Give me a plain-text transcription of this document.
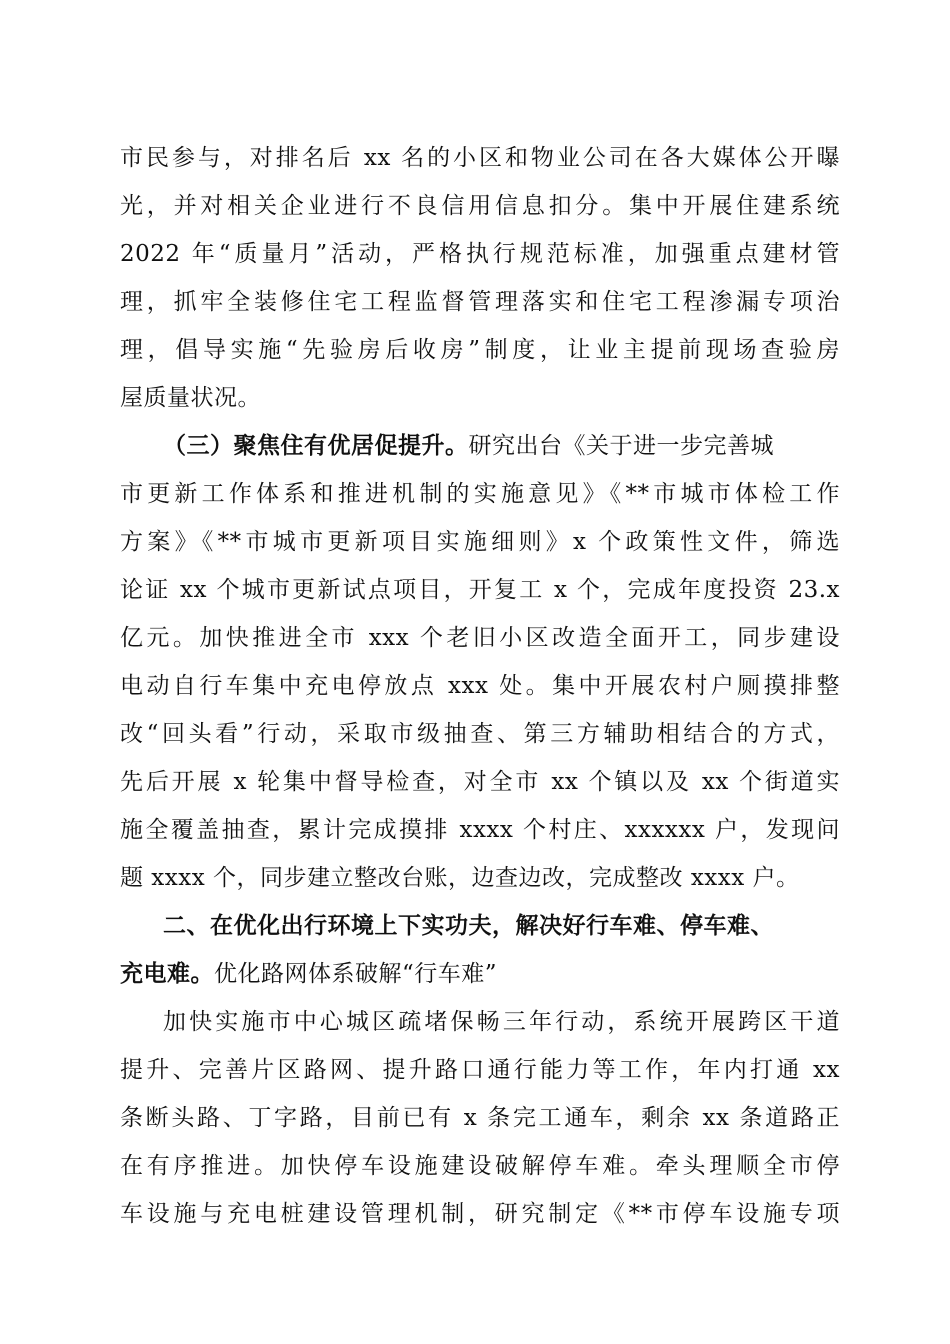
市民参与，对排名后 xx 名的小区和物业公司在各大媒体公开曝
光，并对相关企业进行不良信用信息扣分。集中开展住建系统
2022 年“质量月”活动，严格执行规范标准，加强重点建材管
理，抓牢全装修住宅工程监督管理落实和住宅工程渗漏专项治
理，倡导实施“先验房后收房”制度，让业主提前现场查验房
屋质量状况。
（三）聚焦住有优居促提升。研究出台《关于进一步完善城
市更新工作体系和推进机制的实施意见》《**市城市体检工作
方案》《**市城市更新项目实施细则》x 个政策性文件，筛选
论证 xx 个城市更新试点项目，开复工 x 个，完成年度投资 23.x
亿元。加快推进全市 xxx 个老旧小区改造全面开工，同步建设
电动自行车集中充电停放点 xxx 处。集中开展农村户厕摸排整
改“回头看”行动，采取市级抽查、第三方辅助相结合的方式，
先后开展 x 轮集中督导检查，对全市 xx 个镇以及 xx 个街道实
施全覆盖抽查，累计完成摸排 xxxx 个村庄、xxxxxx 户，发现问
题 xxxx 个，同步建立整改台账，边查边改，完成整改 xxxx 户。
二、在优化出行环境上下实功夫，解决好行车难、停车难、
充电难。优化路网体系破解“行车难”
加快实施市中心城区疏堵保畅三年行动，系统开展跨区干道
提升、完善片区路网、提升路口通行能力等工作，年内打通 xx
条断头路、丁字路，目前已有 x 条完工通车，剩余 xx 条道路正
在有序推进。加快停车设施建设破解停车难。牵头理顺全市停
车设施与充电桩建设管理机制，研究制定《**市停车设施专项
